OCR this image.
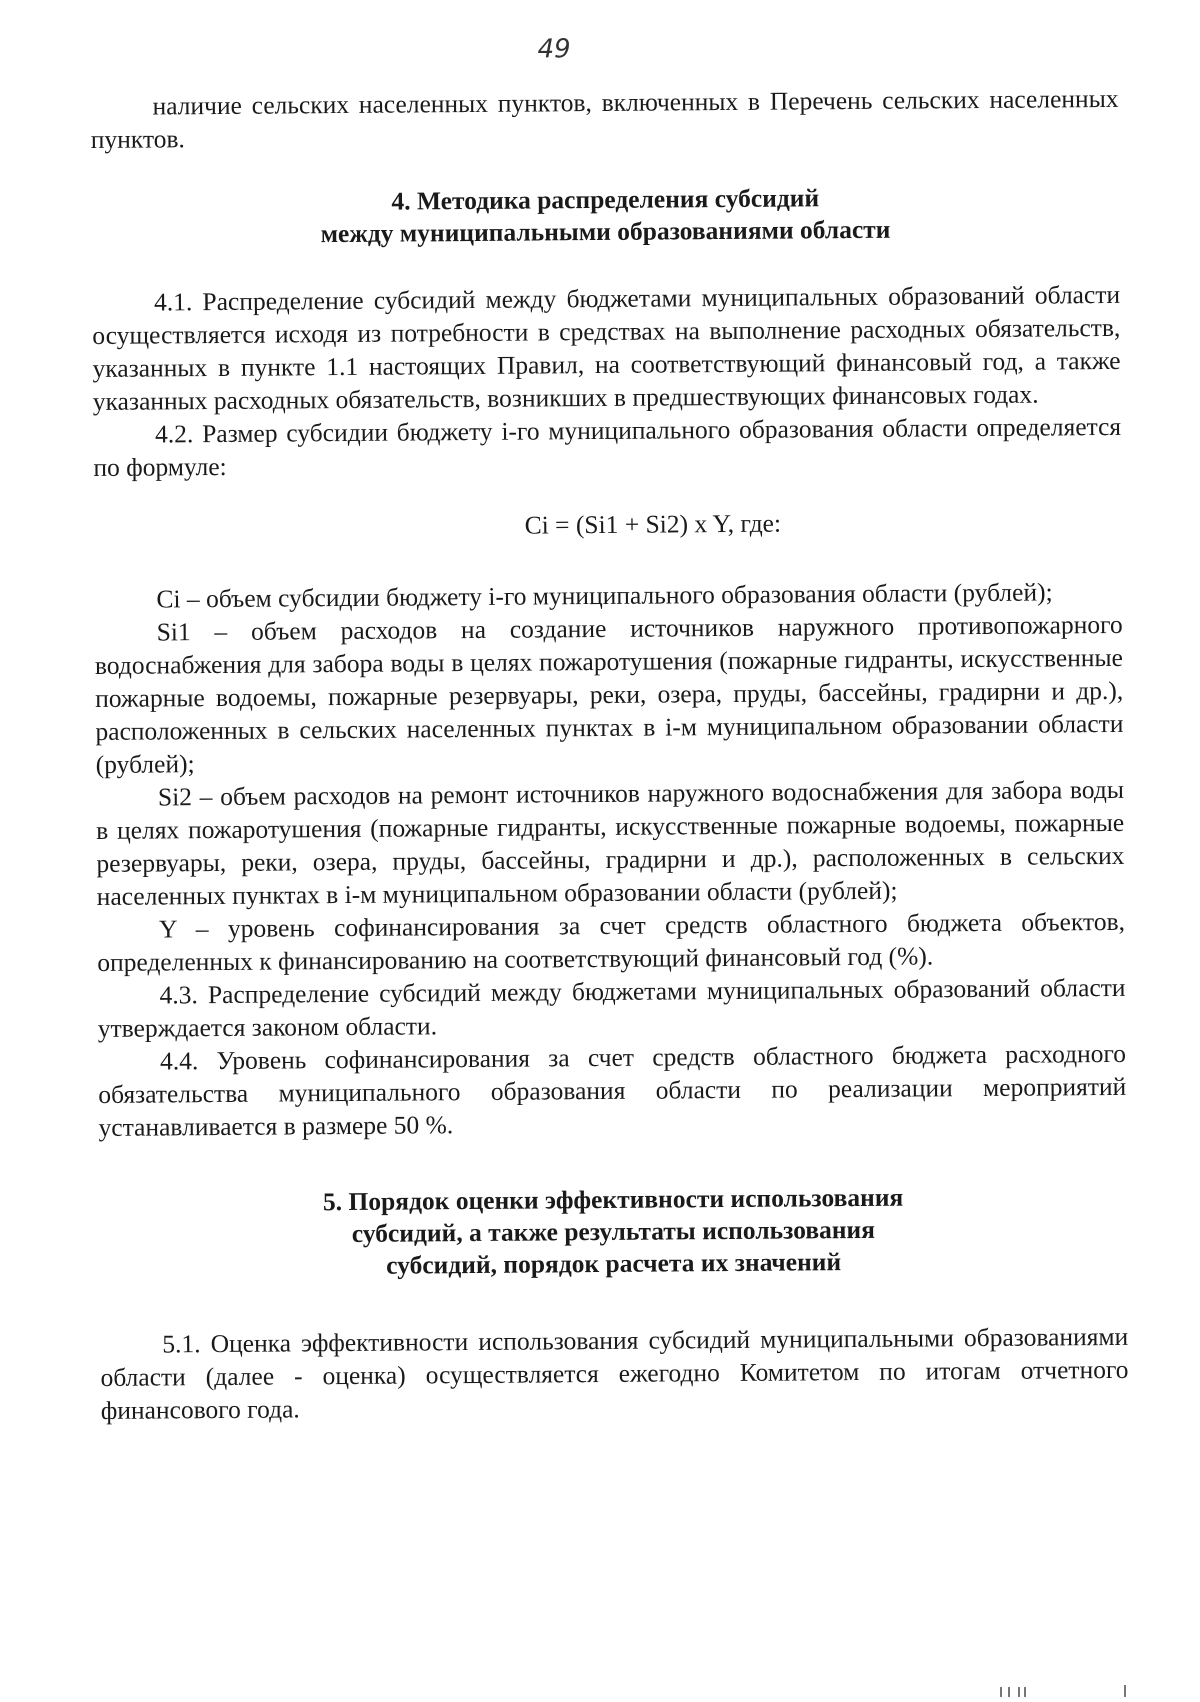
49

наличие сельских населенных пунктов, включенных в Перечень сельских населенных пунктов.

4. Методика распределения субсидий
между муниципальными образованиями области

4.1. Распределение субсидий между бюджетами муниципальных образований области осуществляется исходя из потребности в средствах на выполнение расходных обязательств, указанных в пункте 1.1 настоящих Правил, на соответствующий финансовый год, а также указанных расходных обязательств, возникших в предшествующих финансовых годах.

4.2. Размер субсидии бюджету i-го муниципального образования области определяется по формуле:

Ci = (Si1 + Si2) x Y, где:

Ci – объем субсидии бюджету i-го муниципального образования области (рублей);

Si1 – объем расходов на создание источников наружного противопожарного водоснабжения для забора воды в целях пожаротушения (пожарные гидранты, искусственные пожарные водоемы, пожарные резервуары, реки, озера, пруды, бассейны, градирни и др.), расположенных в сельских населенных пунктах в i-м муниципальном образовании области (рублей);

Si2 – объем расходов на ремонт источников наружного водоснабжения для забора воды в целях пожаротушения (пожарные гидранты, искусственные пожарные водоемы, пожарные резервуары, реки, озера, пруды, бассейны, градирни и др.), расположенных в сельских населенных пунктах в i-м муниципальном образовании области (рублей);

Y – уровень софинансирования за счет средств областного бюджета объектов, определенных к финансированию на соответствующий финансовый год (%).

4.3. Распределение субсидий между бюджетами муниципальных образований области утверждается законом области.

4.4. Уровень софинансирования за счет средств областного бюджета расходного обязательства муниципального образования области по реализации мероприятий устанавливается в размере 50 %.

5. Порядок оценки эффективности использования
субсидий, а также результаты использования
субсидий, порядок расчета их значений

5.1. Оценка эффективности использования субсидий муниципальными образованиями области (далее - оценка) осуществляется ежегодно Комитетом по итогам отчетного финансового года.
